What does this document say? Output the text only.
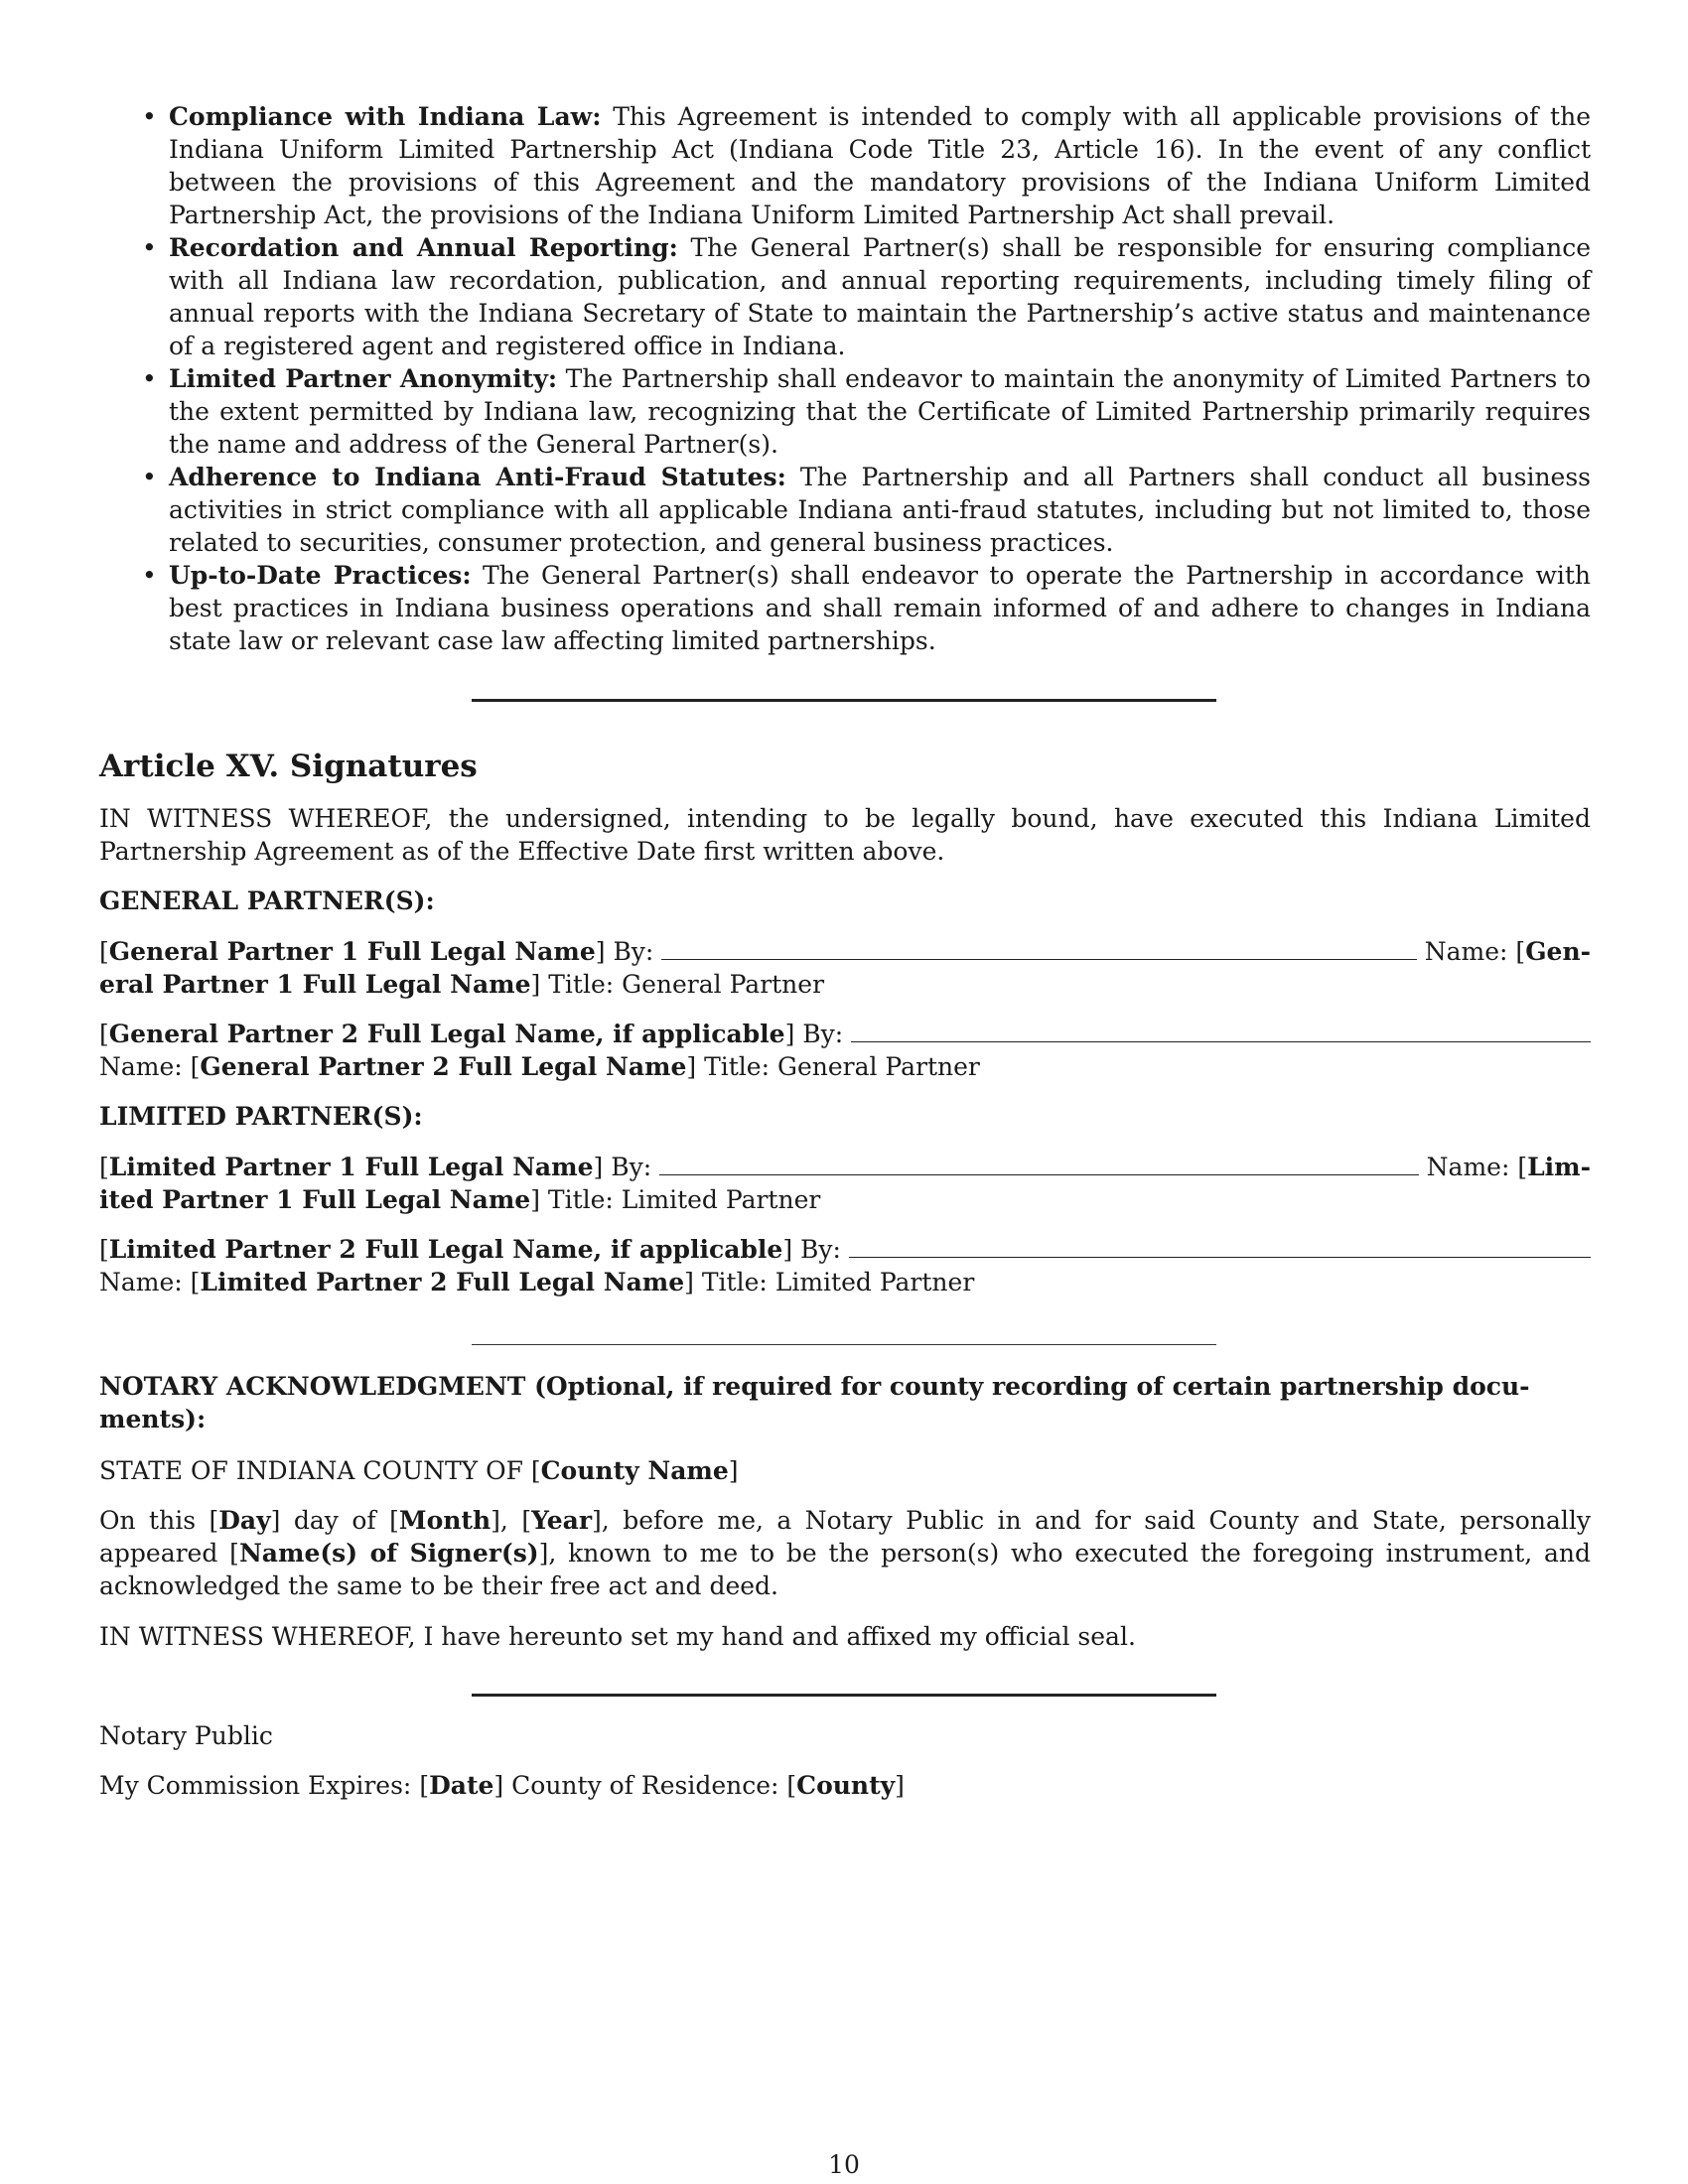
• Compliance with Indiana Law: This Agreement is intended to comply with all applicable provisions of the Indiana Uniform Limited Partnership Act (Indiana Code Title 23, Article 16). In the event of any conflict between the provisions of this Agreement and the mandatory provisions of the Indiana Uniform Limited Partnership Act, the provisions of the Indiana Uniform Limited Partnership Act shall prevail.
• Recordation and Annual Reporting: The General Partner(s) shall be responsible for ensuring compliance with all Indiana law recordation, publication, and annual reporting requirements, including timely filing of annual reports with the Indiana Secretary of State to maintain the Partnership’s active status and maintenance of a registered agent and registered office in Indiana.
• Limited Partner Anonymity: The Partnership shall endeavor to maintain the anonymity of Limited Partners to the extent permitted by Indiana law, recognizing that the Certificate of Limited Partnership primarily requires the name and address of the General Partner(s).
• Adherence to Indiana Anti-Fraud Statutes: The Partnership and all Partners shall conduct all business activities in strict compliance with all applicable Indiana anti-fraud statutes, including but not limited to, those related to securities, consumer protection, and general business practices.
• Up-to-Date Practices: The General Partner(s) shall endeavor to operate the Partnership in accordance with best practices in Indiana business operations and shall remain informed of and adhere to changes in Indiana state law or relevant case law affecting limited partnerships.
Article XV. Signatures
IN WITNESS WHEREOF, the undersigned, intending to be legally bound, have executed this Indiana Limited Partnership Agreement as of the Effective Date first written above.
GENERAL PARTNER(S):
[General Partner 1 Full Legal Name] By:	Name: [Gen-
eral Partner 1 Full Legal Name] Title: General Partner
[General Partner 2 Full Legal Name, if applicable] By:
Name: [General Partner 2 Full Legal Name] Title: General Partner
LIMITED PARTNER(S):
[Limited Partner 1 Full Legal Name] By:	Name: [Lim-
ited Partner 1 Full Legal Name] Title: Limited Partner
[Limited Partner 2 Full Legal Name, if applicable] By:
Name: [Limited Partner 2 Full Legal Name] Title: Limited Partner
NOTARY ACKNOWLEDGMENT (Optional, if required for county recording of certain partnership docu-
ments):
STATE OF INDIANA COUNTY OF [County Name]
On this [Day] day of [Month], [Year], before me, a Notary Public in and for said County and State, personally appeared [Name(s) of Signer(s)], known to me to be the person(s) who executed the foregoing instrument, and acknowledged the same to be their free act and deed.
IN WITNESS WHEREOF, I have hereunto set my hand and affixed my official seal.
Notary Public
My Commission Expires: [Date] County of Residence: [County]
10
